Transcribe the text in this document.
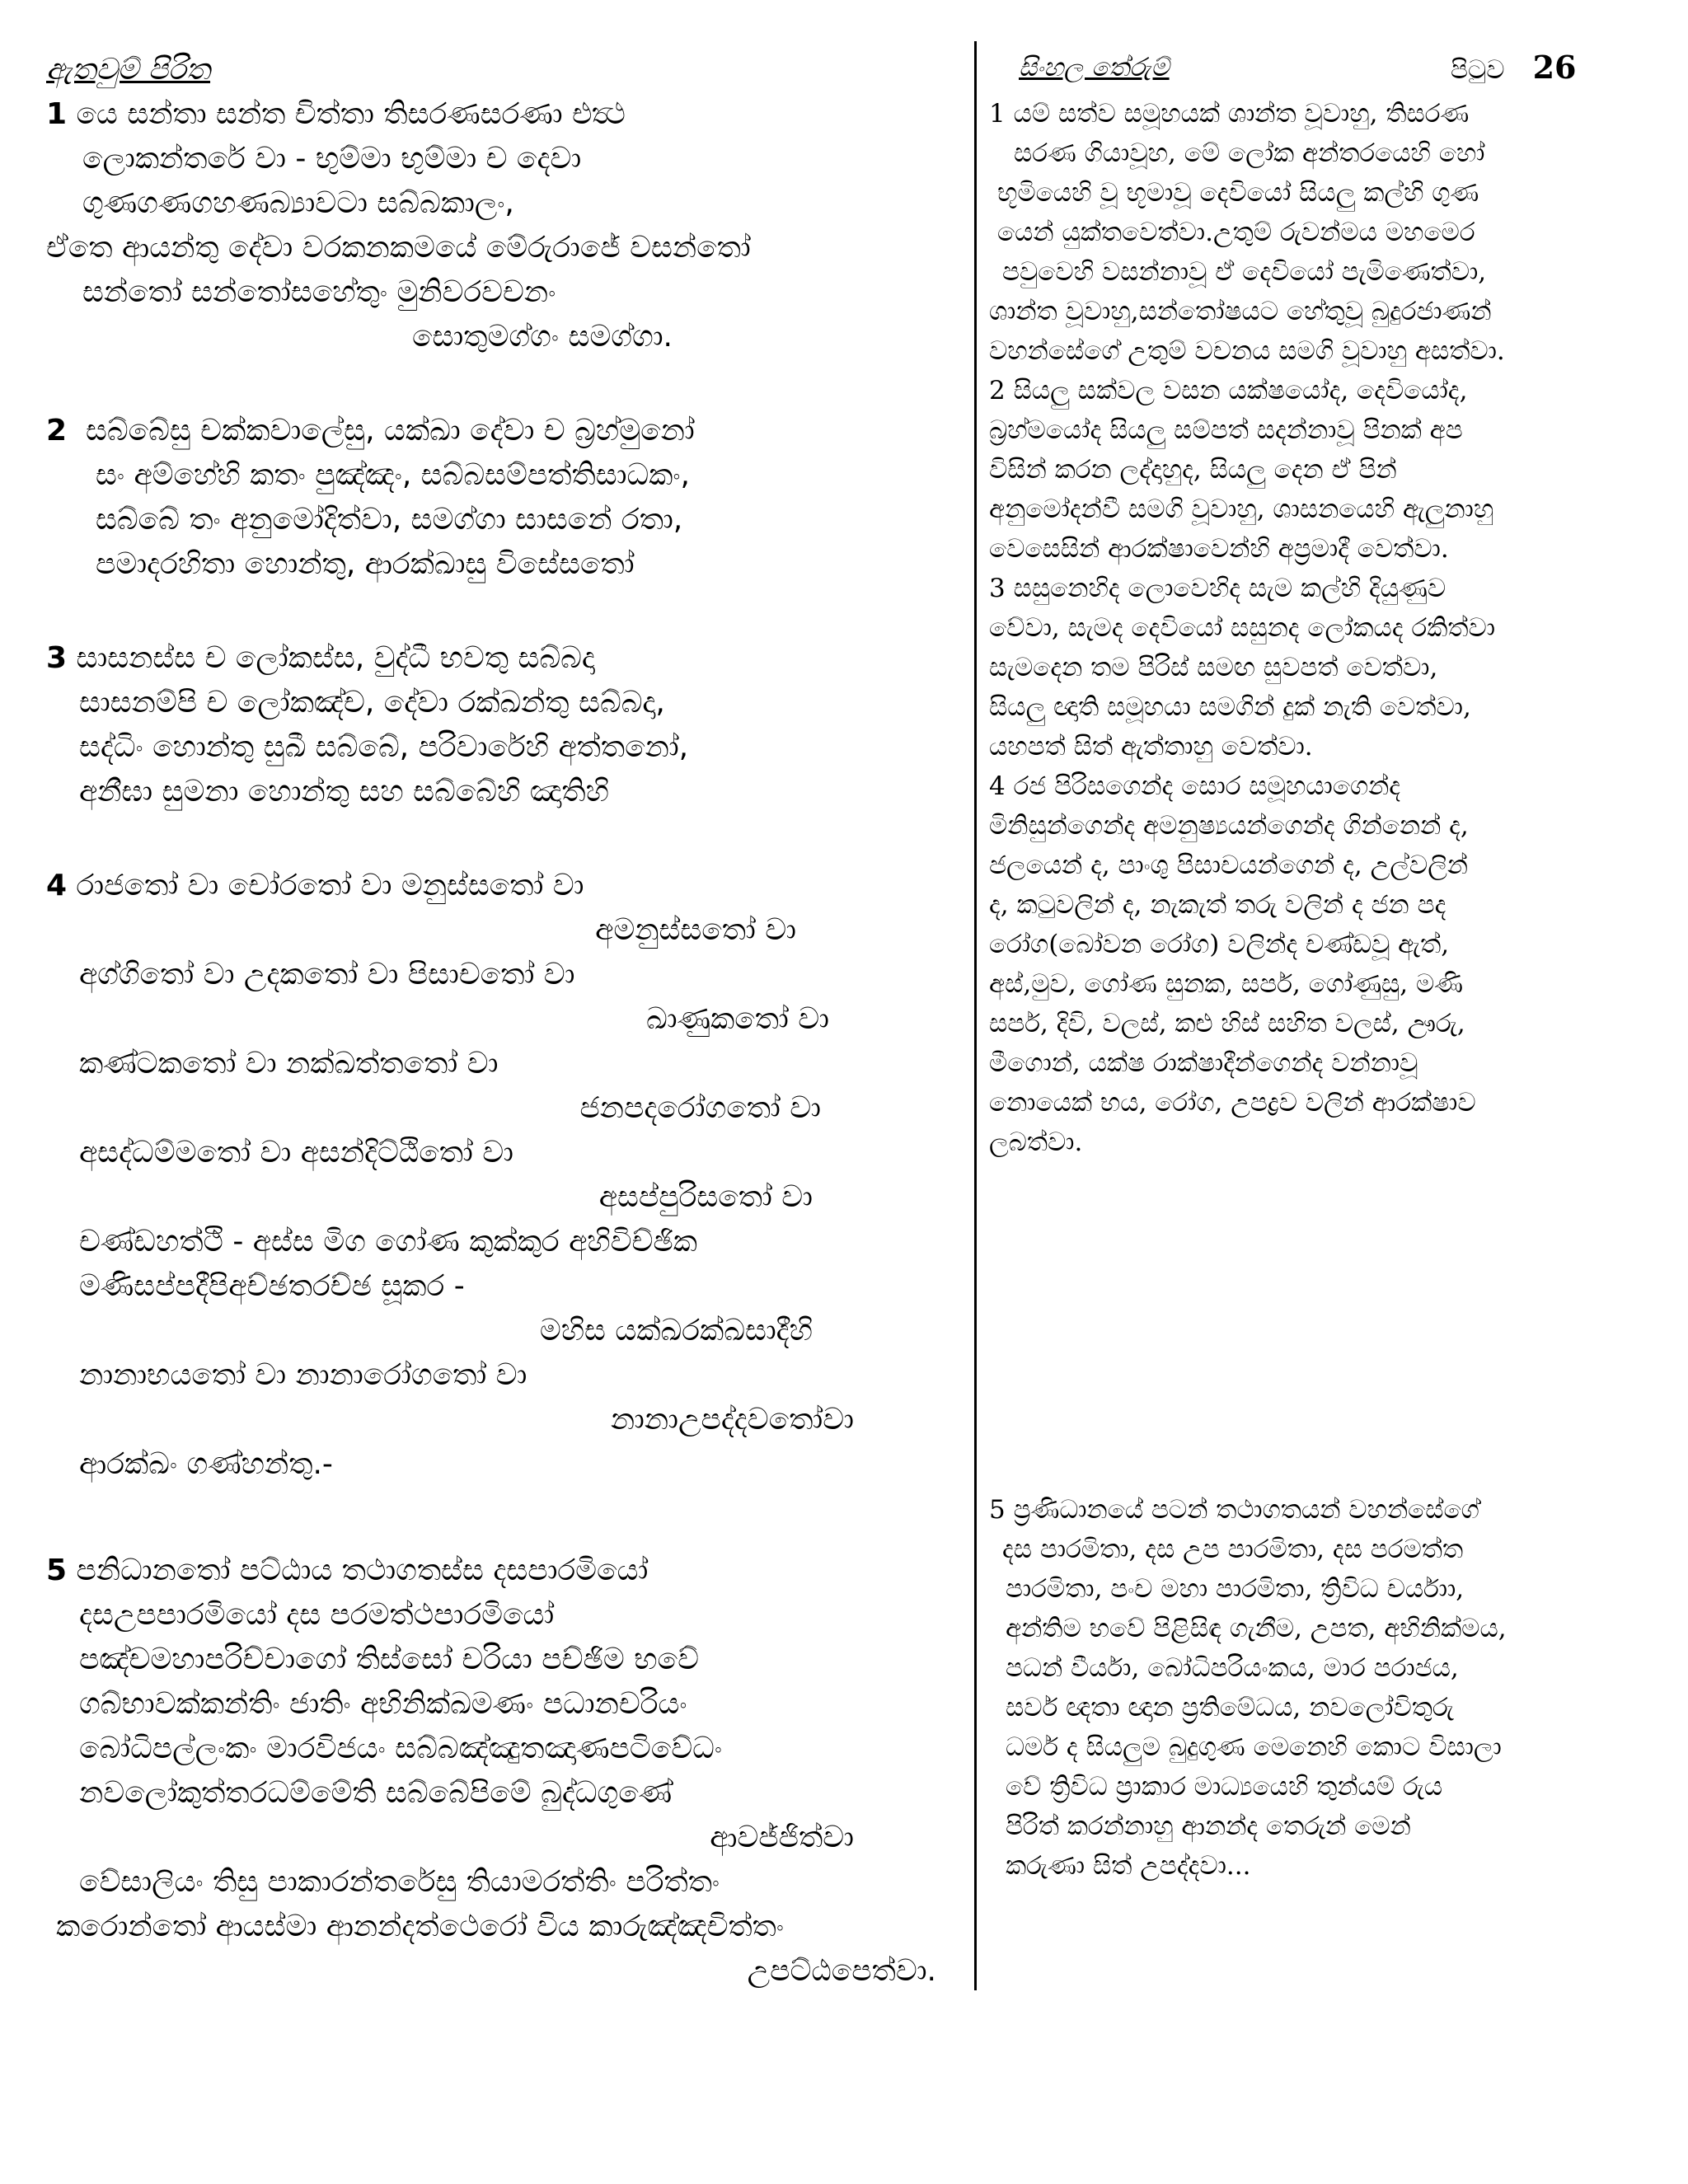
ඇතවුම් පිරිත
1 යෙ සන්තා සන්ත චිත්තා තිසරණසරණා එත්‍ථ
ලොකන්තරේ වා - භුම්මා භුම්මා ච දෙවා
ගුණගණගහණබ්‍යාවටා සබ්බකාලං,
ඒතෙ ආයන්තු දේවා වරකනකමයේ මේරුරාජේ වසන්තෝ
සන්තෝ සන්තෝසහේතුං මුනිවරවචනං
සොතුමග්ගං සමග්ගා.
2 සබ්බේසු චක්කවාලේසු, යක්ඛා දේවා ච බ්‍රහ්මුනෝ
සං අම්හේහි කතං පුඤ්ඤං, සබ්බසම්පත්තිසාධකං,
සබ්බේ තං අනුමෝදිත්වා, සමග්ගා සාසනේ රතා,
පමාදරහිතා හොන්තු, ආරක්ඛාසු විසේසතෝ
3 සාසනස්ස ච ලෝකස්ස, වුද්ධී භවතු සබ්බදා
සාසනම්පි ච ලෝකඤ්ච, දේවා රක්ඛන්තු සබ්බදා,
සද්ධිං හොන්තු සුඛී සබ්බේ, පරිවාරේහි අත්තනෝ,
අනීඝා සුමනා හොන්තු සහ සබ්බේහි ඤාතිහි
4 රාජතෝ වා චෝරතෝ වා මනුස්සතෝ වා
අමනුස්සතෝ වා
අග්ගිතෝ වා උදකතෝ වා පිසාචතෝ වා
ඛාණුකතෝ වා
කණ්ටකතෝ වා නක්ඛත්තතෝ වා
ජනපදරෝගතෝ වා
අසද්ධම්මතෝ වා අසන්දිට්ඨිතෝ වා
අසප්පුරිසතෝ වා
චණ්ඩහත්ථි - අස්ස මිග ගෝණ කුක්කුර අහිවිච්ඡික
මණිසප්පදීපිඅච්ඡතරච්ඡ සූකර -
මහිස යක්ඛරක්ඛසාදීහි
නානාභයතෝ වා නානාරෝගතෝ වා
නානාඋපද්දවතෝවා
ආරක්ඛං ගණ්හන්තු.-
5 පනිධානතෝ පට්ඨාය තථාගතස්ස දසපාරමියෝ
දසඋපපාරමියෝ දස පරමත්ථපාරමියෝ
පඤ්චමහාපරිච්චාගෝ තිස්සෝ චරියා පච්ඡිම භවේ
ගබ්භාවක්කන්තිං ජාතිං අභිනික්ඛමණං පධානචරියං
බෝධිපල්ලංකං මාරවිජයං සබ්බඤ්ඤුතඤාණපටිවේධං
නවලෝකුත්තරධම්මේති සබ්බේපිමේ බුද්ධගුණේ
ආවජ්ජිත්වා
වේසාලියං තිසු පාකාරන්තරේසු තියාමරත්තිං පරිත්තං
කරොන්තෝ ආයස්මා ආනන්දත්ථෙරෝ විය කාරුඤ්ඤචිත්තං
උපට්ඨපෙත්වා.
සිංහල තේරුම්	පිටුව 26
1 යම් සත්ව සමූහයක් ශාන්ත වූවාහු, තිසරණ
සරණ ගියාවූහ, මේ ලෝක අන්තරයෙහි හෝ
භූමියෙහි වූ භූමාවූ දෙවියෝ සියලු කල්හි ගුණ
යෙන් යුක්තවෙත්වා.උතුම් රුවන්මය මහමෙර
පවුවෙහි වසන්නාවූ ඒ දෙවියෝ පැමිණෙත්වා,
ශාන්ත වූවාහු,සන්තෝෂයට හේතුවූ බුදුරජාණන්
වහන්සේගේ උතුම් වචනය සමගි වූවාහු අසත්වා.
2 සියලු සක්වල වසන යක්ෂයෝද, දෙවියෝද,
බ්‍රහ්මයෝද සියලු සම්පත් සදන්නාවූ පිනක් අප
විසින් කරන ලද්දාහුද, සියලු දෙන ඒ පින්
අනුමෝදන්වී සමගි වූවාහු, ශාසනයෙහි ඇලුනාහු
වෙසෙසින් ආරක්ෂාවෙන්හි අප්‍රමාදී වෙත්වා.
3 සසුනෙහිද ලොවෙහිද සැම කල්හි දියුණුව
වේවා, සැමද දෙවියෝ සසුනද ලෝකයද රකිත්වා
සැමදෙන තම පිරිස් සමඟ සුවපත් වෙත්වා,
සියලු ඥාති සමූහයා සමගින් දුක් නැති වෙත්වා,
යහපත් සිත් ඇත්තාහු වෙත්වා.
4 රජ පිරිසගෙන්ද සොර සමූහයාගෙන්ද
මිනිසුන්ගෙන්ද අමනුෂ්‍යයන්ගෙන්ද ගින්නෙන් ද,
ජලයෙන් ද, පාංශු පිසාචයන්ගෙන් ද, උල්වලින්
ද, කටුවලින් ද, නැකැත් තරු වලින් ද ජන පද
රෝග(බෝවන රෝග) වලින්ද චණ්ඩවූ ඇත්,
අස්,මුව, ගෝණ සුනක, සර්ප, ගෝණුසු, මණි
සර්ප, දිවි, වලස්, කළු හිස් සහිත වලස්, ඌරු,
මීගොන්, යක්ෂ රාක්ෂාදීන්ගෙන්ද වන්නාවූ
නොයෙක් භය, රෝග, උපද්‍රව වලින් ආරක්ෂාව
ලබත්වා.
5 ප්‍රණිධානයේ පටන් තථාගතයන් වහන්සේගේ
දස පාරමිතා, දස උප පාරමිතා, දස පරමත්ත
පාරමිතා, පංච මහා පාරමිතා, ත්‍රිවිධ චර්යාා,
අන්තිම භවේ පිළිසිඳ ගැනීම, උපත, අභිනික්මය,
පධන් වීර්යා, බෝධිපරියංකය, මාර පරාජය,
සර්ව ඥතා ඥාන ප්‍රතිමේධය, නවලෝවිතුරු
ධර්ම ද සියලුම බුදුගුණ මෙනෙහි කොට විසාලා
වේ ත්‍රිවිධ ප්‍රාකාර මාධ්‍යයෙහි තුන්යම් රුය
පිරිත් කරන්නාහු ආනන්ද තෙරුන් මෙන්
කරුණා සිත් උපද්දවා...
